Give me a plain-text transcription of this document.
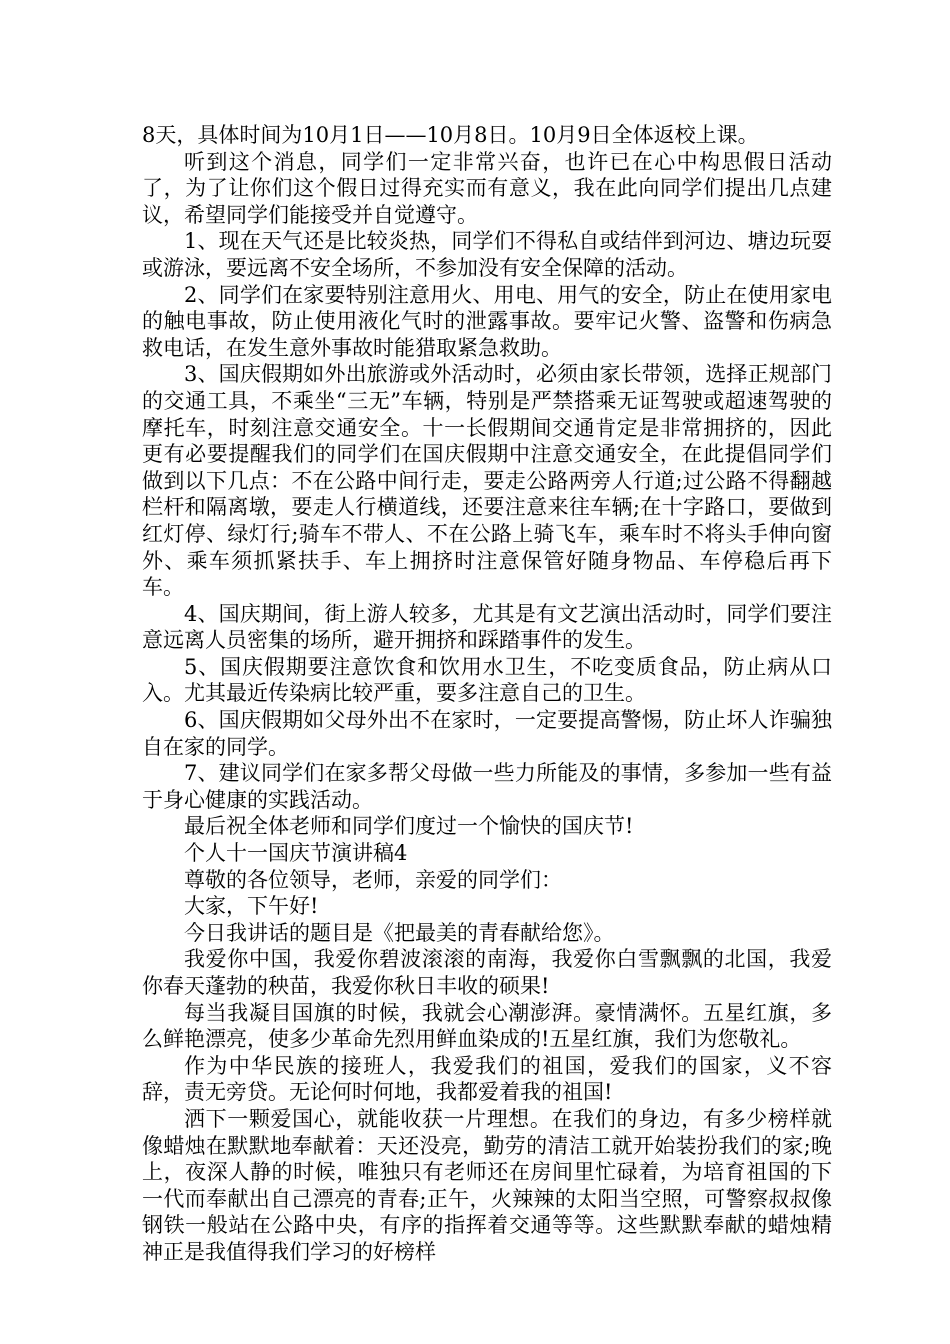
8天，具体时间为10月1日——10月8日。10月9日全体返校上课。

听到这个消息，同学们一定非常兴奋，也许已在心中构思假日活动了，为了让你们这个假日过得充实而有意义，我在此向同学们提出几点建议，希望同学们能接受并自觉遵守。

1、现在天气还是比较炎热，同学们不得私自或结伴到河边、塘边玩耍或游泳，要远离不安全场所，不参加没有安全保障的活动。

2、同学们在家要特别注意用火、用电、用气的安全，防止在使用家电的触电事故，防止使用液化气时的泄露事故。要牢记火警、盗警和伤病急救电话，在发生意外事故时能猎取紧急救助。

3、国庆假期如外出旅游或外活动时，必须由家长带领，选择正规部门的交通工具，不乘坐“三无”车辆，特别是严禁搭乘无证驾驶或超速驾驶的摩托车，时刻注意交通安全。十一长假期间交通肯定是非常拥挤的，因此更有必要提醒我们的同学们在国庆假期中注意交通安全，在此提倡同学们做到以下几点：不在公路中间行走，要走公路两旁人行道;过公路不得翻越栏杆和隔离墩，要走人行横道线，还要注意来往车辆;在十字路口，要做到红灯停、绿灯行;骑车不带人、不在公路上骑飞车，乘车时不将头手伸向窗外、乘车须抓紧扶手、车上拥挤时注意保管好随身物品、车停稳后再下车。

4、国庆期间，街上游人较多，尤其是有文艺演出活动时，同学们要注意远离人员密集的场所，避开拥挤和踩踏事件的发生。

5、国庆假期要注意饮食和饮用水卫生，不吃变质食品，防止病从口入。尤其最近传染病比较严重，要多注意自己的卫生。

6、国庆假期如父母外出不在家时，一定要提高警惕，防止坏人诈骗独自在家的同学。

7、建议同学们在家多帮父母做一些力所能及的事情，多参加一些有益于身心健康的实践活动。

最后祝全体老师和同学们度过一个愉快的国庆节!

个人十一国庆节演讲稿4

尊敬的各位领导，老师，亲爱的同学们：

大家，下午好!

今日我讲话的题目是《把最美的青春献给您》。

我爱你中国，我爱你碧波滚滚的南海，我爱你白雪飘飘的北国，我爱你春天蓬勃的秧苗，我爱你秋日丰收的硕果!

每当我凝目国旗的时候，我就会心潮澎湃。豪情满怀。五星红旗，多么鲜艳漂亮，使多少革命先烈用鲜血染成的!五星红旗，我们为您敬礼。

作为中华民族的接班人，我爱我们的祖国，爱我们的国家，义不容辞，责无旁贷。无论何时何地，我都爱着我的祖国!

洒下一颗爱国心，就能收获一片理想。在我们的身边，有多少榜样就像蜡烛在默默地奉献着：天还没亮，勤劳的清洁工就开始装扮我们的家;晚上，夜深人静的时候，唯独只有老师还在房间里忙碌着，为培育祖国的下一代而奉献出自己漂亮的青春;正午，火辣辣的太阳当空照，可警察叔叔像钢铁一般站在公路中央，有序的指挥着交通等等。这些默默奉献的蜡烛精神正是我值得我们学习的好榜样
